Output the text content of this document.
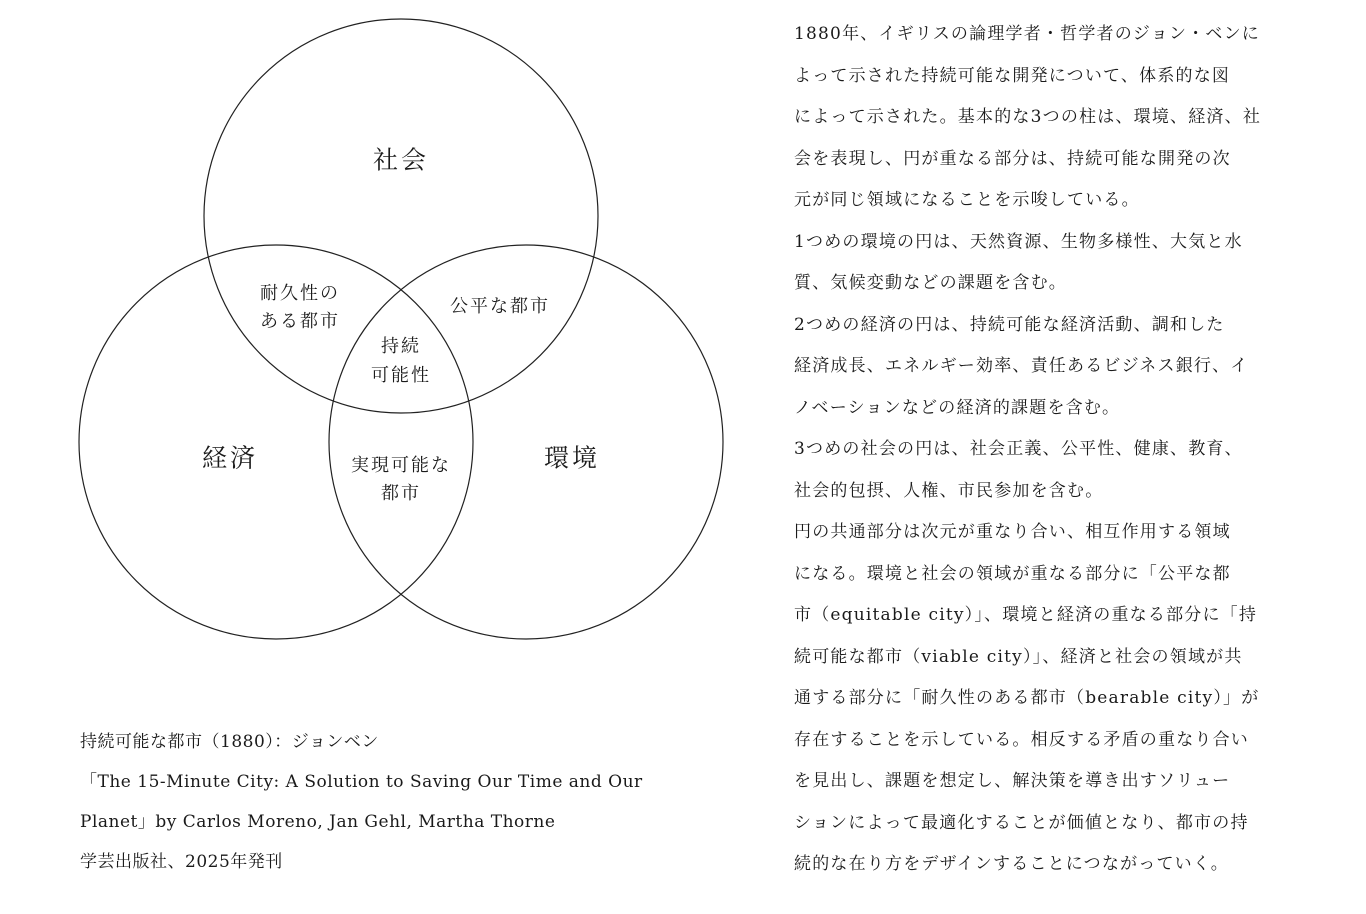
社会
経済	環境
耐久性の
ある都市
公平な都市
持続
可能性
実現可能な
都市
持続可能な都市（1880）：ジョンベン
「The 15-Minute City: A Solution to Saving Our Time and Our
Planet」by Carlos Moreno, Jan Gehl, Martha Thorne
学芸出版社、2025年発刊
1880年、イギリスの論理学者・哲学者のジョン・ベンに
よって示された持続可能な開発について、体系的な図
によって示された。基本的な3つの柱は、環境、経済、社
会を表現し、円が重なる部分は、持続可能な開発の次
元が同じ領域になることを示唆している。
1つめの環境の円は、天然資源、生物多様性、大気と水
質、気候変動などの課題を含む。
2つめの経済の円は、持続可能な経済活動、調和した
経済成長、エネルギー効率、責任あるビジネス銀行、イ
ノベーションなどの経済的課題を含む。
3つめの社会の円は、社会正義、公平性、健康、教育、
社会的包摂、人権、市民参加を含む。
円の共通部分は次元が重なり合い、相互作用する領域
になる。環境と社会の領域が重なる部分に「公平な都
市（equitable city）」、環境と経済の重なる部分に「持
続可能な都市（viable city）」、経済と社会の領域が共
通する部分に「耐久性のある都市（bearable city）」が
存在することを示している。相反する矛盾の重なり合い
を見出し、課題を想定し、解決策を導き出すソリュー
ションによって最適化することが価値となり、都市の持
続的な在り方をデザインすることにつながっていく。
